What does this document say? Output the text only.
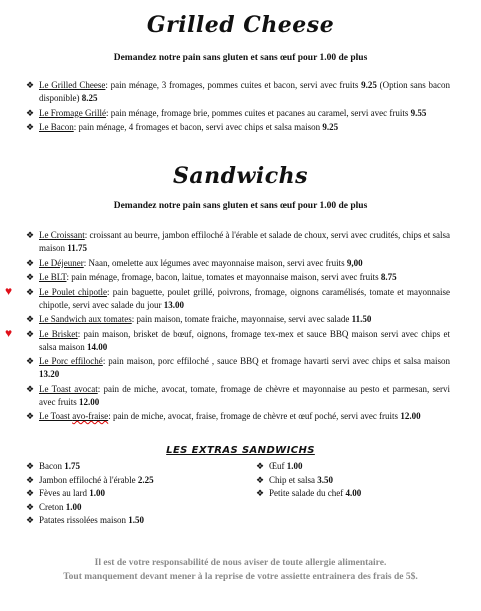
Grilled Cheese
Demandez notre pain sans gluten et sans œuf pour 1.00 de plus
❖ Le Grilled Cheese: pain ménage, 3 fromages, pommes cuites et bacon, servi avec fruits 9.25 (Option sans bacon disponible) 8.25
❖ Le Fromage Grillé: pain ménage, fromage brie, pommes cuites et pacanes au caramel, servi avec fruits 9.55
❖ Le Bacon: pain ménage, 4 fromages et bacon, servi avec chips et salsa maison 9.25
Sandwichs
Demandez notre pain sans gluten et sans œuf pour 1.00 de plus
❖ Le Croissant: croissant au beurre, jambon effiloché à l'érable et salade de choux, servi avec crudités, chips et salsa maison 11.75
❖ Le Déjeuner: Naan, omelette aux légumes avec mayonnaise maison, servi avec fruits 9,00
❖ Le BLT: pain ménage, fromage, bacon, laitue, tomates et mayonnaise maison, servi avec fruits 8.75
♥ ❖ Le Poulet chipotle: pain baguette, poulet grillé, poivrons, fromage, oignons caramélisés, tomate et mayonnaise chipotle, servi avec salade du jour 13.00
❖ Le Sandwich aux tomates: pain maison, tomate fraiche, mayonnaise, servi avec salade 11.50
♥ ❖ Le Brisket: pain maison, brisket de bœuf, oignons, fromage tex-mex et sauce BBQ maison servi avec chips et salsa maison 14.00
❖ Le Porc effiloché: pain maison, porc effiloché , sauce BBQ et fromage havarti servi avec chips et salsa maison 13.20
❖ Le Toast avocat: pain de miche, avocat, tomate, fromage de chèvre et mayonnaise au pesto et parmesan, servi avec fruits 12.00
❖ Le Toast avo-fraise: pain de miche, avocat, fraise, fromage de chèvre et œuf poché, servi avec fruits 12.00
LES EXTRAS SANDWICHS
❖ Bacon 1.75
❖ Jambon effiloché à l'érable 2.25
❖ Fèves au lard 1.00
❖ Creton 1.00
❖ Patates rissolées maison 1.50
❖ Œuf 1.00
❖ Chip et salsa 3.50
❖ Petite salade du chef 4.00
Il est de votre responsabilité de nous aviser de toute allergie alimentaire.
Tout manquement devant mener à la reprise de votre assiette entrainera des frais de 5$.
